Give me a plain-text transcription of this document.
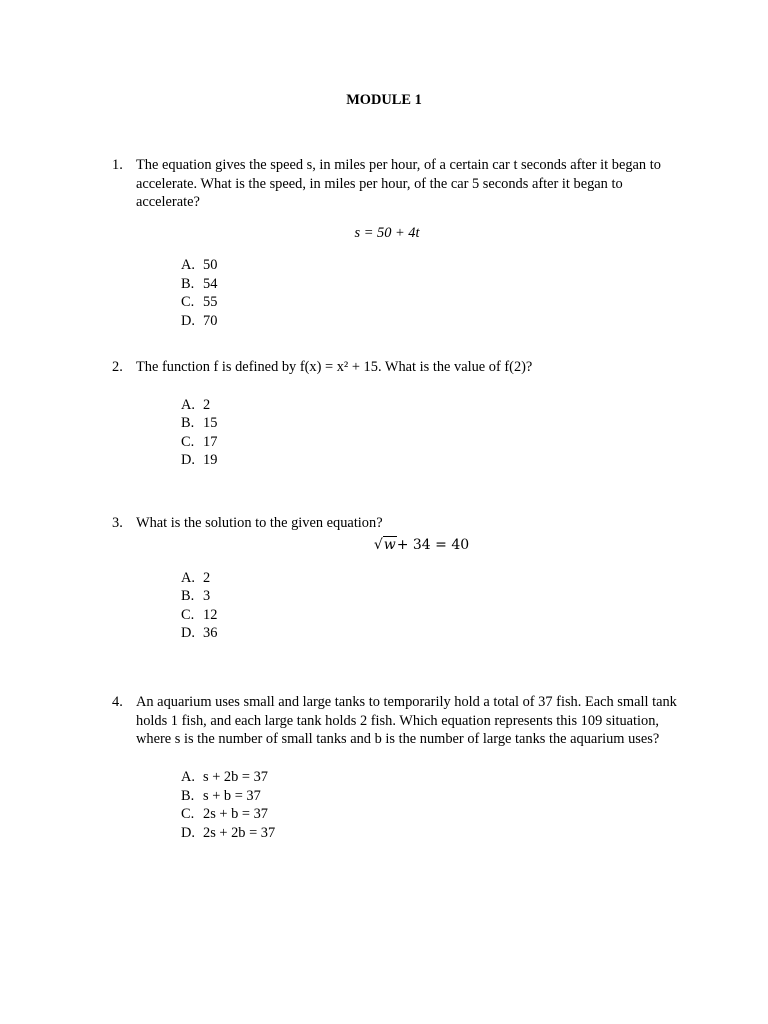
MODULE 1
1. The equation gives the speed s, in miles per hour, of a certain car t seconds after it began to accelerate. What is the speed, in miles per hour, of the car 5 seconds after it began to accelerate?
s = 50 + 4t
A. 50
B. 54
C. 55
D. 70
2. The function f is defined by f(x) = x² + 15. What is the value of f(2)?
A. 2
B. 15
C. 17
D. 19
3. What is the solution to the given equation?
√w+ 34 = 40
A. 2
B. 3
C. 12
D. 36
4. An aquarium uses small and large tanks to temporarily hold a total of 37 fish. Each small tank holds 1 fish, and each large tank holds 2 fish. Which equation represents this 109 situation, where s is the number of small tanks and b is the number of large tanks the aquarium uses?
A. s + 2b = 37
B. s + b = 37
C. 2s + b = 37
D. 2s + 2b = 37
